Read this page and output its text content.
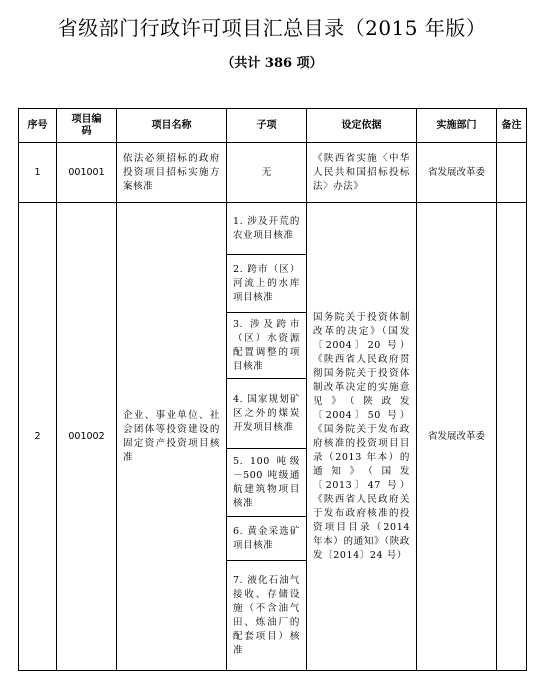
省级部门行政许可项目汇总目录（2015 年版）
（共计 386 项）
序号	项目编码	项目名称	子项	设定依据	实施部门	备注
1	001001	依法必须招标的政府投资项目招标实施方案核准	无	《陕西省实施〈中华人民共和国招标投标法〉办法》	省发展改革委	
2	001002	企业、事业单位、社会团体等投资建设的固定资产投资项目核准	1. 涉及开荒的农业项目核准	国务院关于投资体制改革的决定》（国发〔2004〕20 号）《陕西省人民政府贯彻国务院关于投资体制改革决定的实施意见》（陕政发〔2004〕50 号）《国务院关于发布政府核准的投资项目目录（2013 年本）的通知》（国发〔2013〕47 号）《陕西省人民政府关于发布政府核准的投资项目目录（2014 年本）的通知》（陕政发〔2014〕24 号）	省发展改革委	
			2. 跨市（区）河流上的水库项目核准			
			3. 涉及跨市（区）水资源配置调整的项目核准			
			4. 国家规划矿区之外的煤炭开发项目核准			
			5. 100 吨级－500 吨级通航建筑物项目核准			
			6. 黄金采选矿项目核准			
			7. 液化石油气接收、存储设施（不含油气田、炼油厂的配套项目）核准			
